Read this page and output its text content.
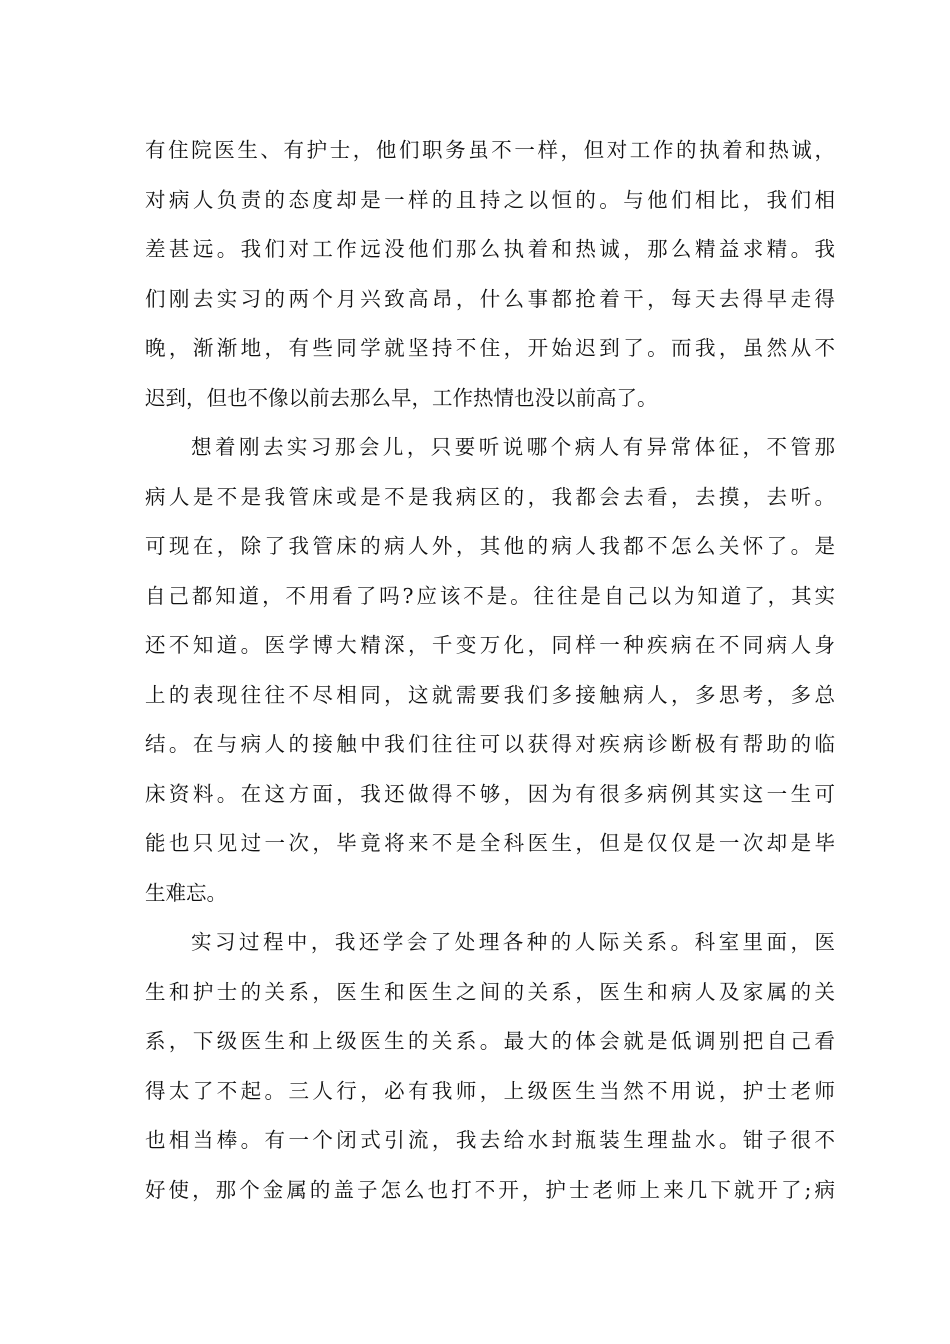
有住院医生、有护士，他们职务虽不一样，但对工作的执着和热诚，
对病人负责的态度却是一样的且持之以恒的。与他们相比，我们相
差甚远。我们对工作远没他们那么执着和热诚，那么精益求精。我
们刚去实习的两个月兴致高昂，什么事都抢着干，每天去得早走得
晚，渐渐地，有些同学就坚持不住，开始迟到了。而我，虽然从不
迟到，但也不像以前去那么早，工作热情也没以前高了。
想着刚去实习那会儿，只要听说哪个病人有异常体征，不管那
病人是不是我管床或是不是我病区的，我都会去看，去摸，去听。
可现在，除了我管床的病人外，其他的病人我都不怎么关怀了。是
自己都知道，不用看了吗?应该不是。往往是自己以为知道了，其实
还不知道。医学博大精深，千变万化，同样一种疾病在不同病人身
上的表现往往不尽相同，这就需要我们多接触病人，多思考，多总
结。在与病人的接触中我们往往可以获得对疾病诊断极有帮助的临
床资料。在这方面，我还做得不够，因为有很多病例其实这一生可
能也只见过一次，毕竟将来不是全科医生，但是仅仅是一次却是毕
生难忘。
实习过程中，我还学会了处理各种的人际关系。科室里面，医
生和护士的关系，医生和医生之间的关系，医生和病人及家属的关
系，下级医生和上级医生的关系。最大的体会就是低调别把自己看
得太了不起。三人行，必有我师，上级医生当然不用说，护士老师
也相当棒。有一个闭式引流，我去给水封瓶装生理盐水。钳子很不
好使，那个金属的盖子怎么也打不开，护士老师上来几下就开了;病
